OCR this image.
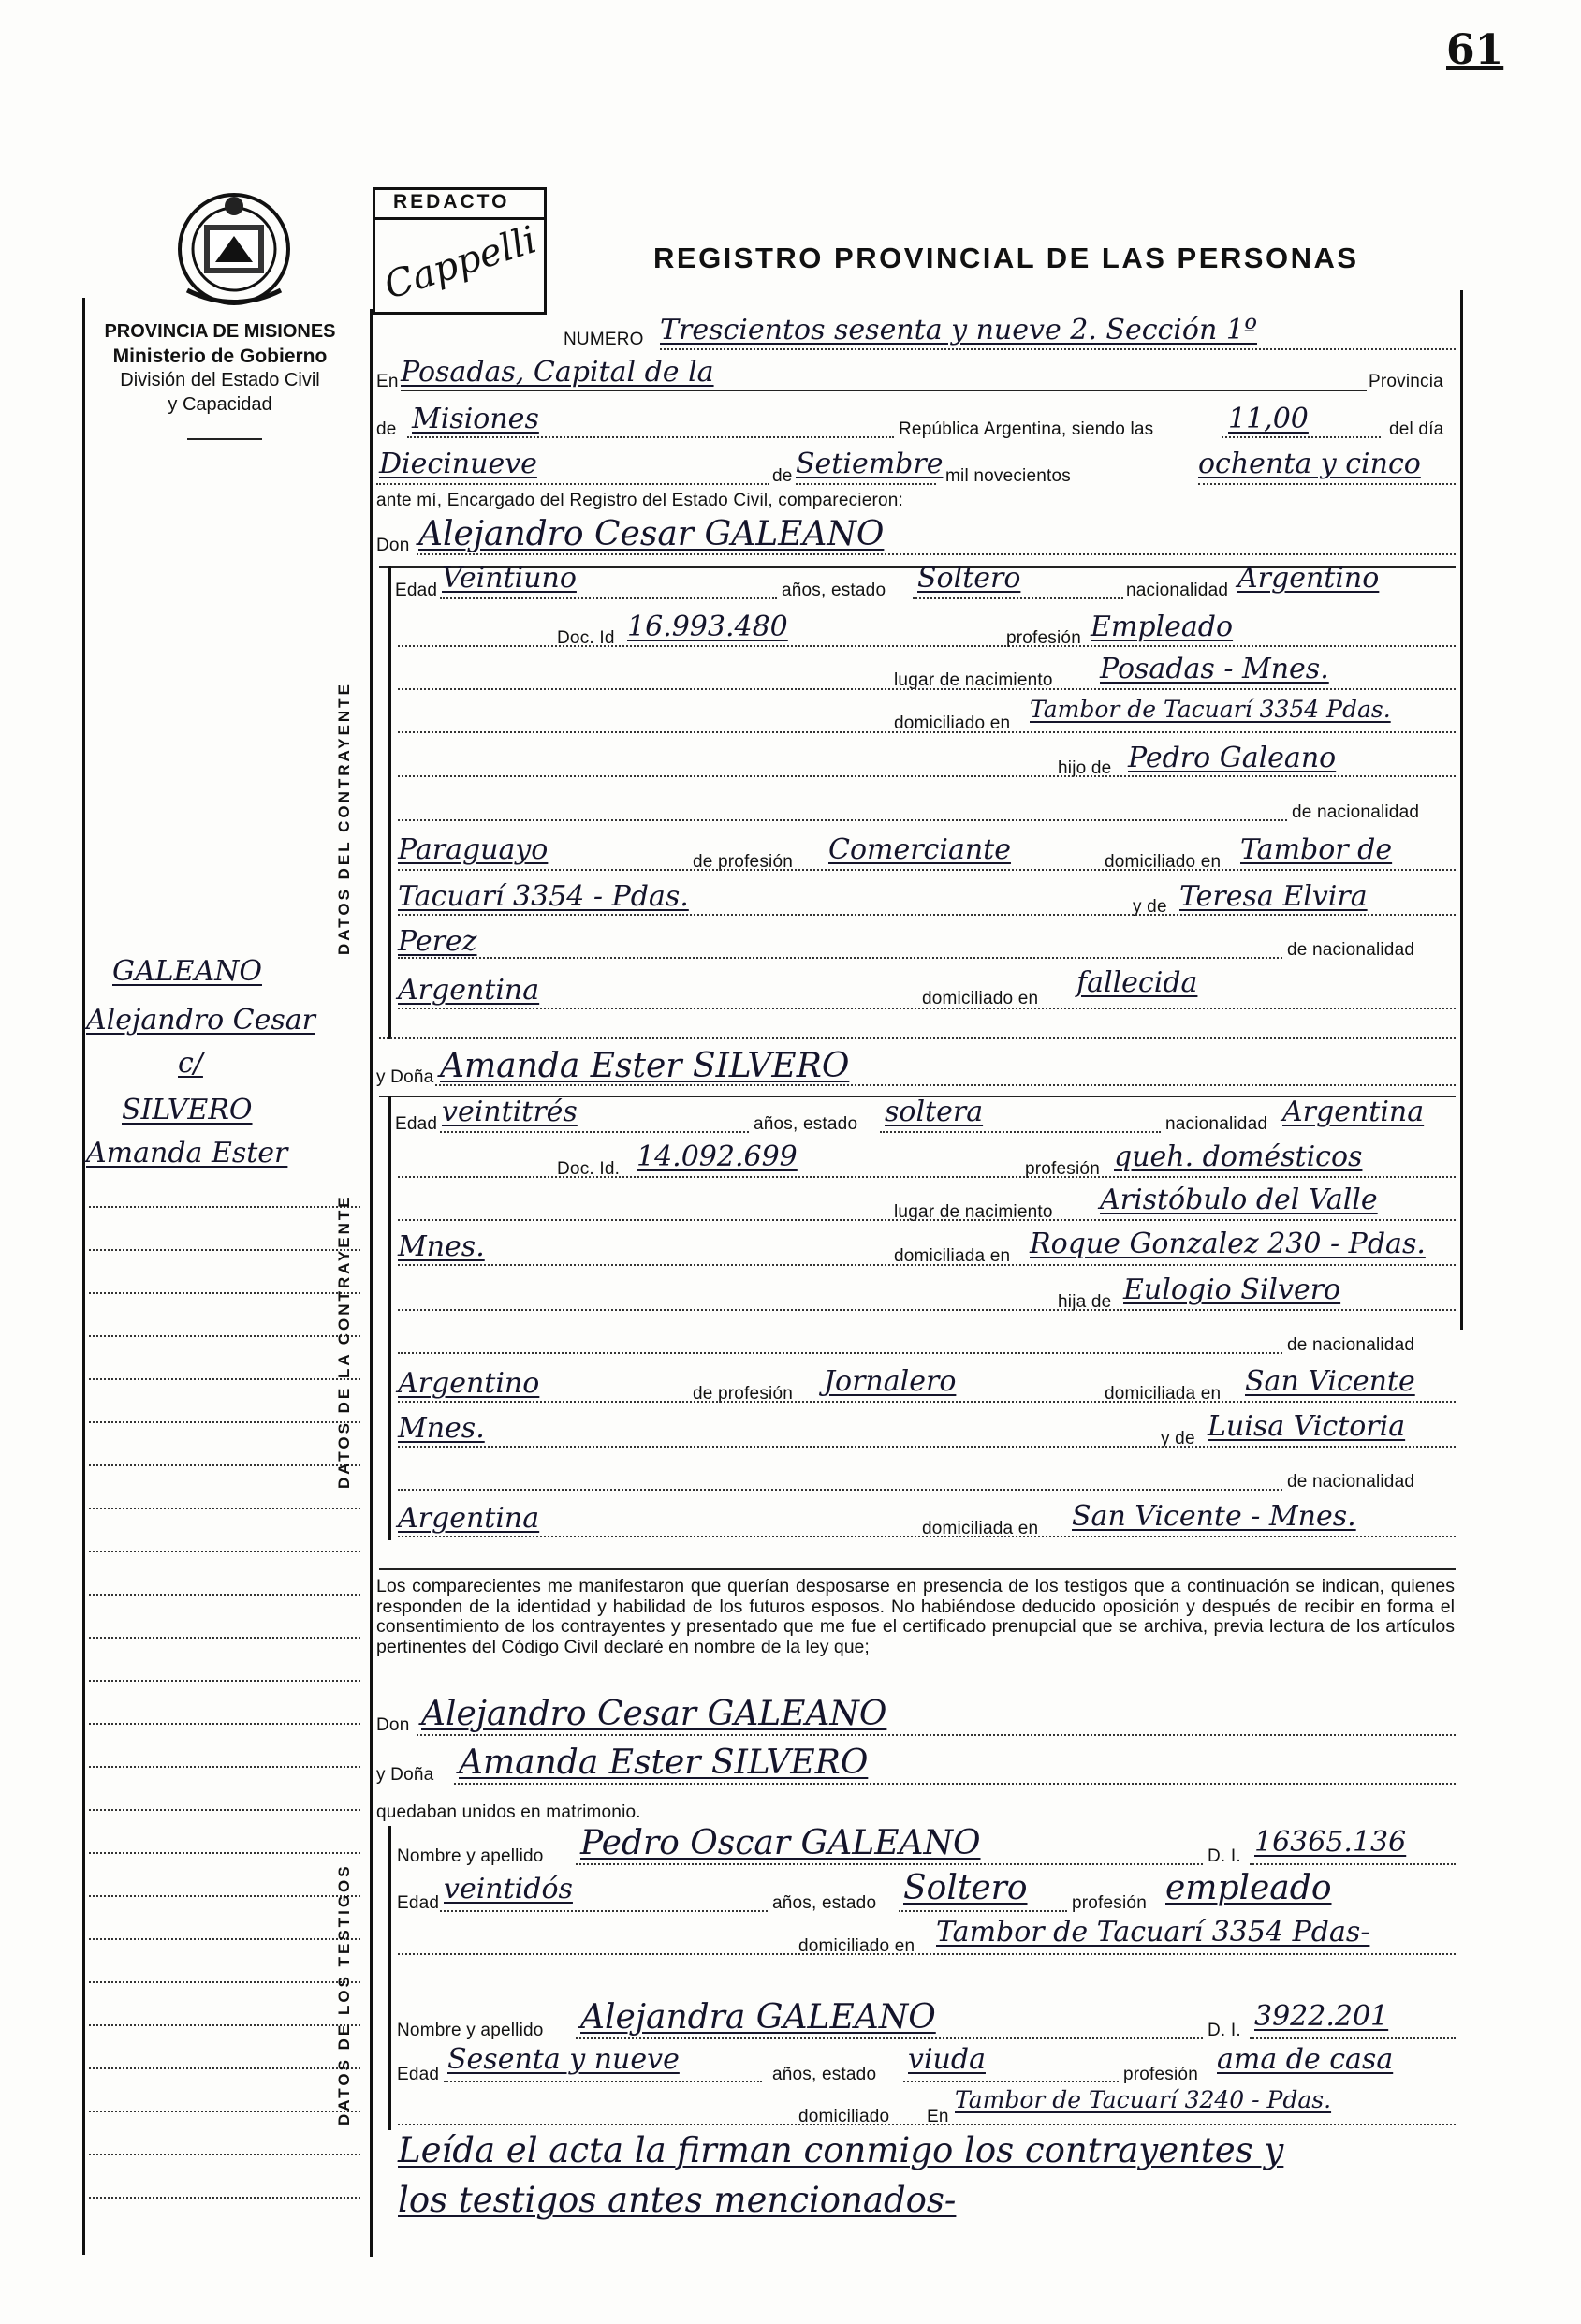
61
PROVINCIA DE MISIONES
Ministerio de Gobierno
División del Estado Civil
y Capacidad
REDACTO
Cappelli	REGISTRO PROVINCIAL DE LAS PERSONAS
NUMERO Trescientos sesenta y nueve 2. Sección 1º
En Posadas, Capital de la	Provincia
de Misiones	República Argentina, siendo las	11,00	del día
Diecinueve	de Setiembre mil novecientos	ochenta y cinco
ante mí, Encargado del Registro del Estado Civil, comparecieron:
Don Alejandro Cesar GALEANO
DATOS DEL CONTRAYENTE
Edad Veintiuno	años, estado Soltero	nacionalidad Argentino
Doc. Id 16.993.480	profesión Empleado
lugar de nacimiento Posadas - Mnes.
domiciliado en
Tambor de Tacuarí 3354 Pdas.
hijo de Pedro Galeano
de nacionalidad
Paraguayo	de profesión Comerciante	domiciliado en Tambor de
Tacuarí 3354 - Pdas.	y de Teresa Elvira
Perez	de nacionalidad
Argentina	domiciliado en fallecida
GALEANO
Alejandro Cesar
c/
SILVERO
Amanda Ester
y Doña Amanda Ester SILVERO
DATOS DE LA CONTRAYENTE
Edad veintitrés	años, estado soltera	nacionalidad Argentina
Doc. Id. 14.092.699	profesión queh. domésticos
lugar de nacimiento Aristóbulo del Valle
Mnes.	domiciliada en Roque Gonzalez 230 - Pdas.
hija de Eulogio Silvero
de nacionalidad
Argentino	de profesión Jornalero	domiciliada en San Vicente
Mnes.	y de Luisa Victoria
de nacionalidad
Argentina	domiciliada en San Vicente - Mnes.
Los comparecientes me manifestaron que querían desposarse en presencia de los testigos que a continuación se indican, quienes responden de la identidad y habilidad de los futuros esposos. No habiéndose deducido oposición y después de recibir en forma el consentimiento de los contrayentes y presentado que me fue el certificado prenupcial que se archiva, previa lectura de los artículos pertinentes del Código Civil declaré en nombre de la ley que;
Don Alejandro Cesar GALEANO
y Doña Amanda Ester SILVERO
quedaban unidos en matrimonio.
DATOS DE LOS TESTIGOS
Nombre y apellido Pedro Oscar GALEANO	D. I. 16365.136
Edad veintidós	años, estado Soltero profesión empleado
domiciliado en Tambor de Tacuarí 3354 Pdas-
Nombre y apellido Alejandra GALEANO	D. I. 3922.201
Edad Sesenta y nueve	años, estado viuda	profesión ama de casa
domiciliado En
Tambor de Tacuarí 3240 - Pdas.
Leída el acta la firman conmigo los contrayentes y
los testigos antes mencionados-
